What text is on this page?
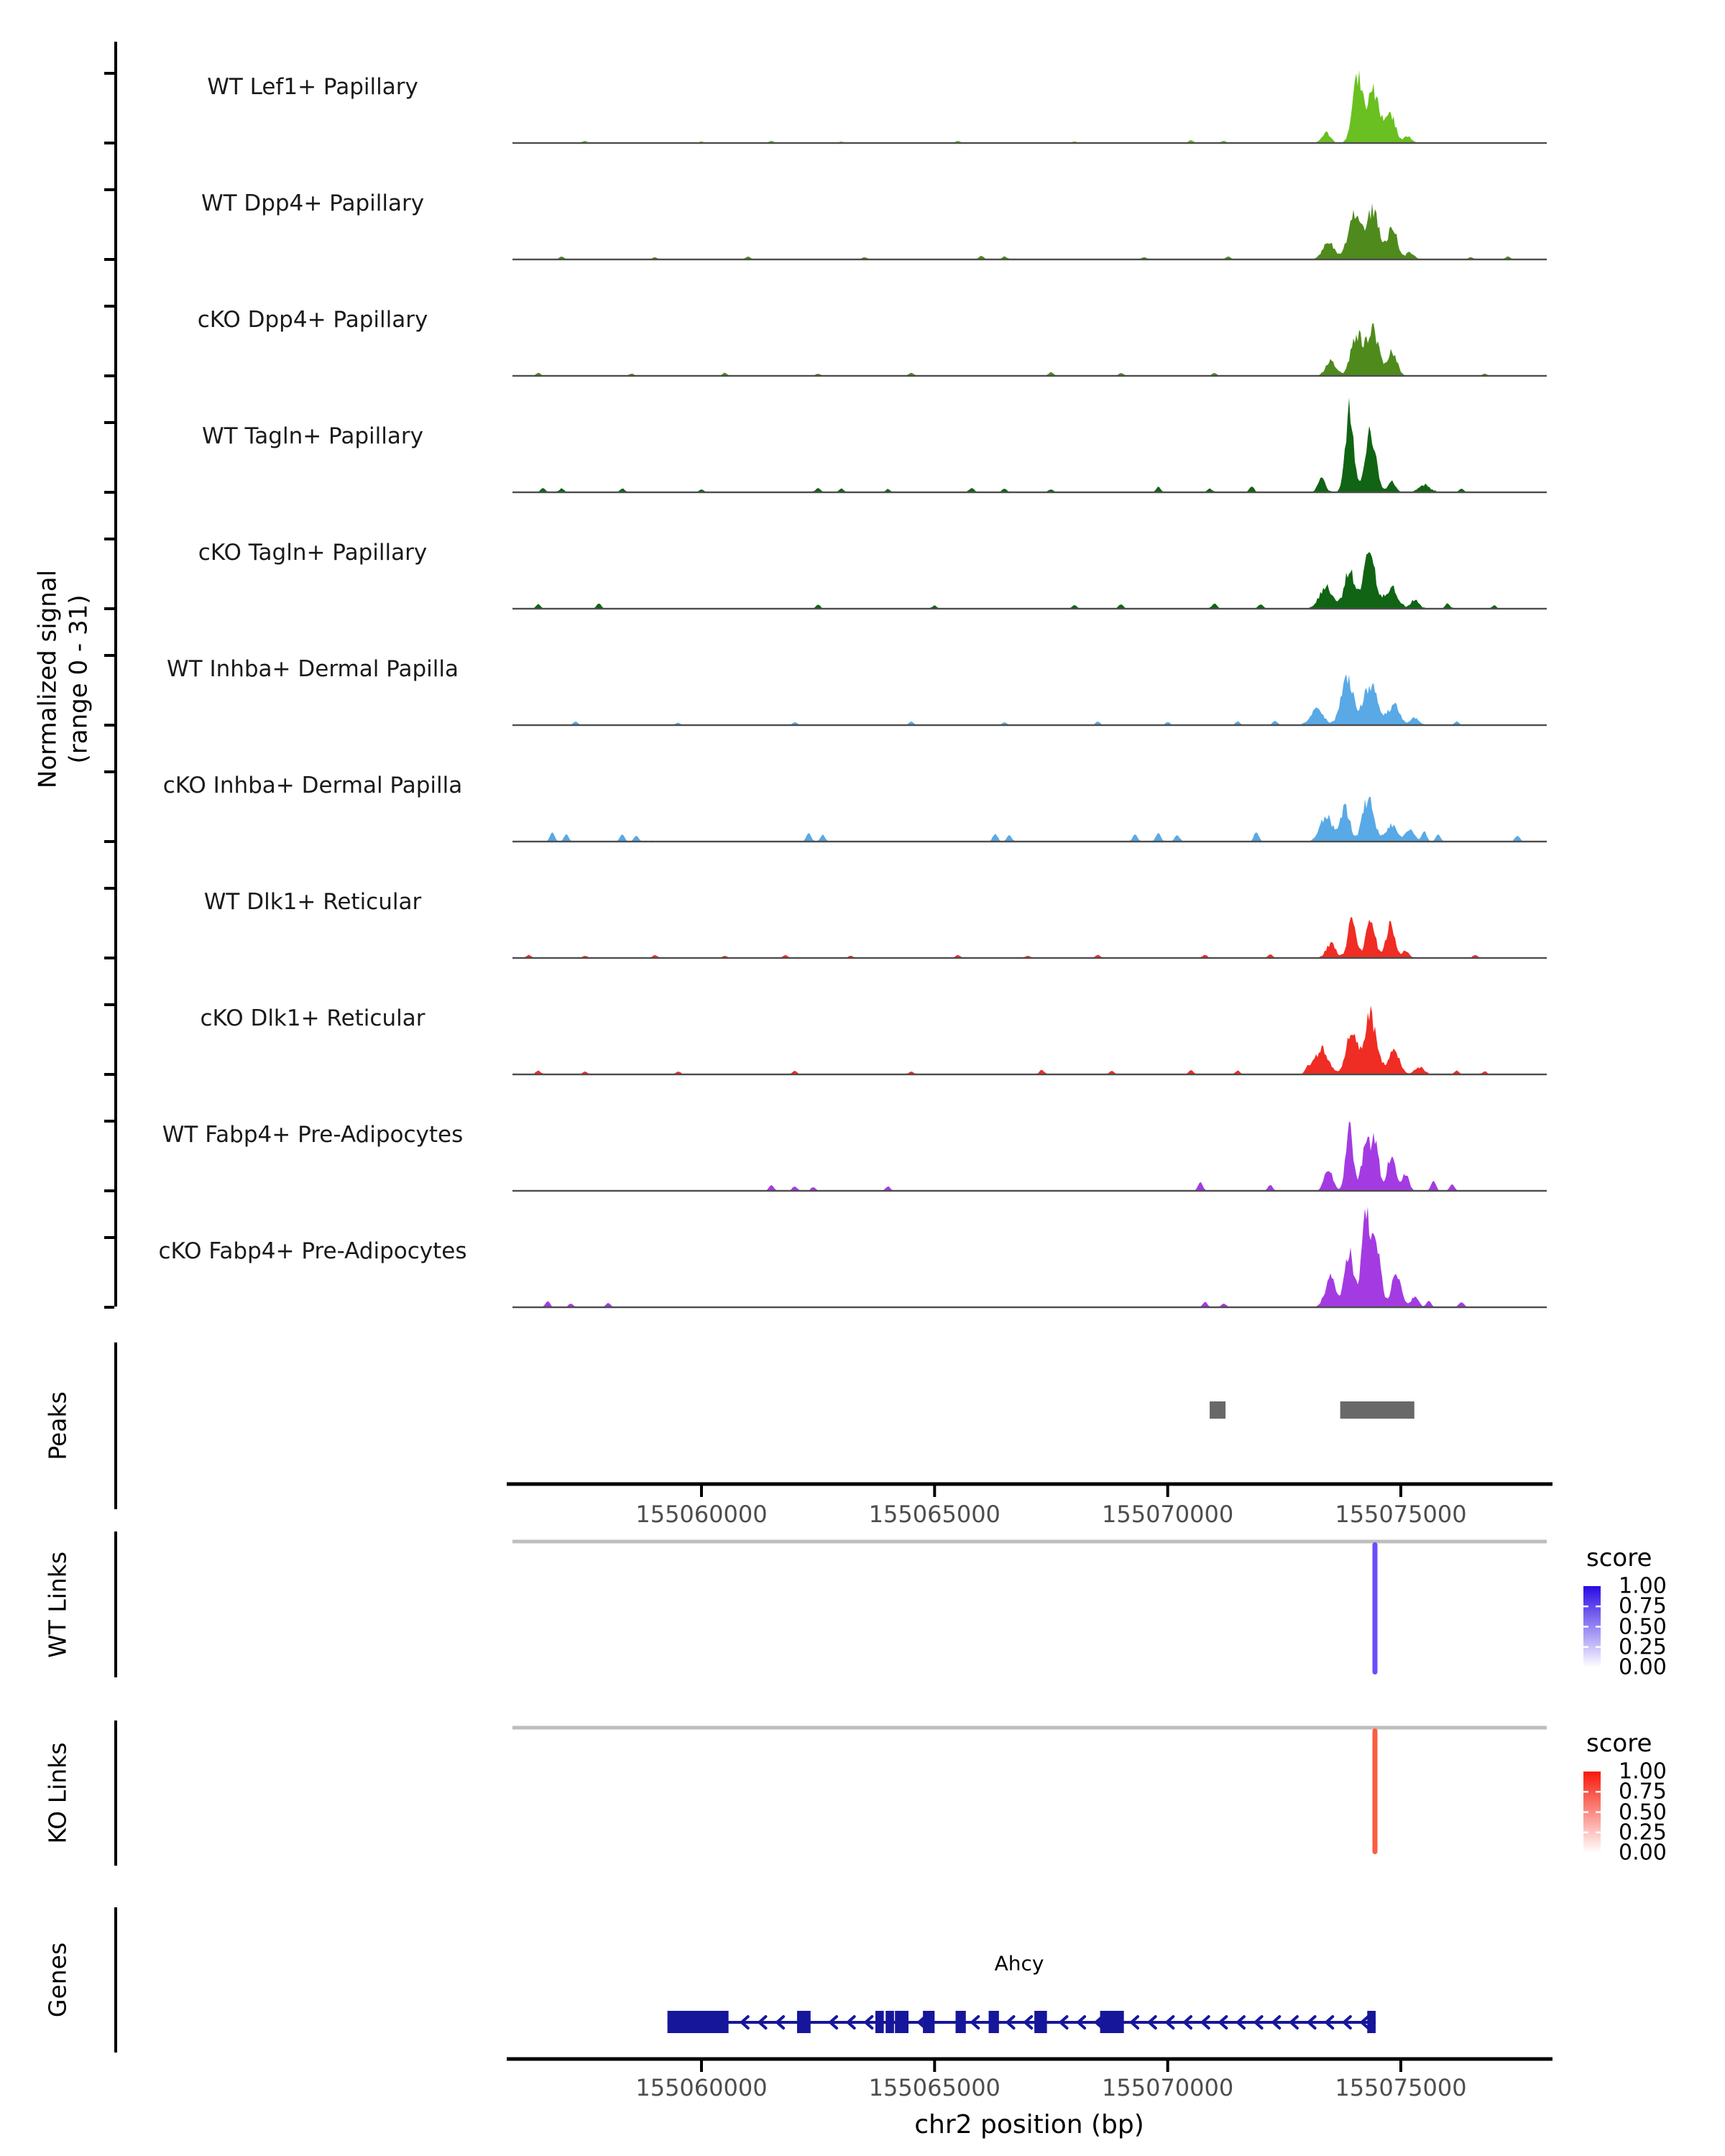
Normalized signal (range 0 - 31)
Peaks
WT Links
KO Links
Genes
score
score
Ahcy
chr2 position (bp)
WT Lef1+ Papillary
WT Dpp4+ Papillary
cKO Dpp4+ Papillary
WT Tagln+ Papillary
cKO Tagln+ Papillary
WT Inhba+ Dermal Papilla
cKO Inhba+ Dermal Papilla
WT Dlk1+ Reticular
cKO Dlk1+ Reticular
WT Fabp4+ Pre-Adipocytes
cKO Fabp4+ Pre-Adipocytes
155060000	155065000	155070000	155075000
155060000	155065000	155070000	155075000
1.00
0.75
0.50
0.25
0.00
1.00
0.75
0.50
0.25
0.00
